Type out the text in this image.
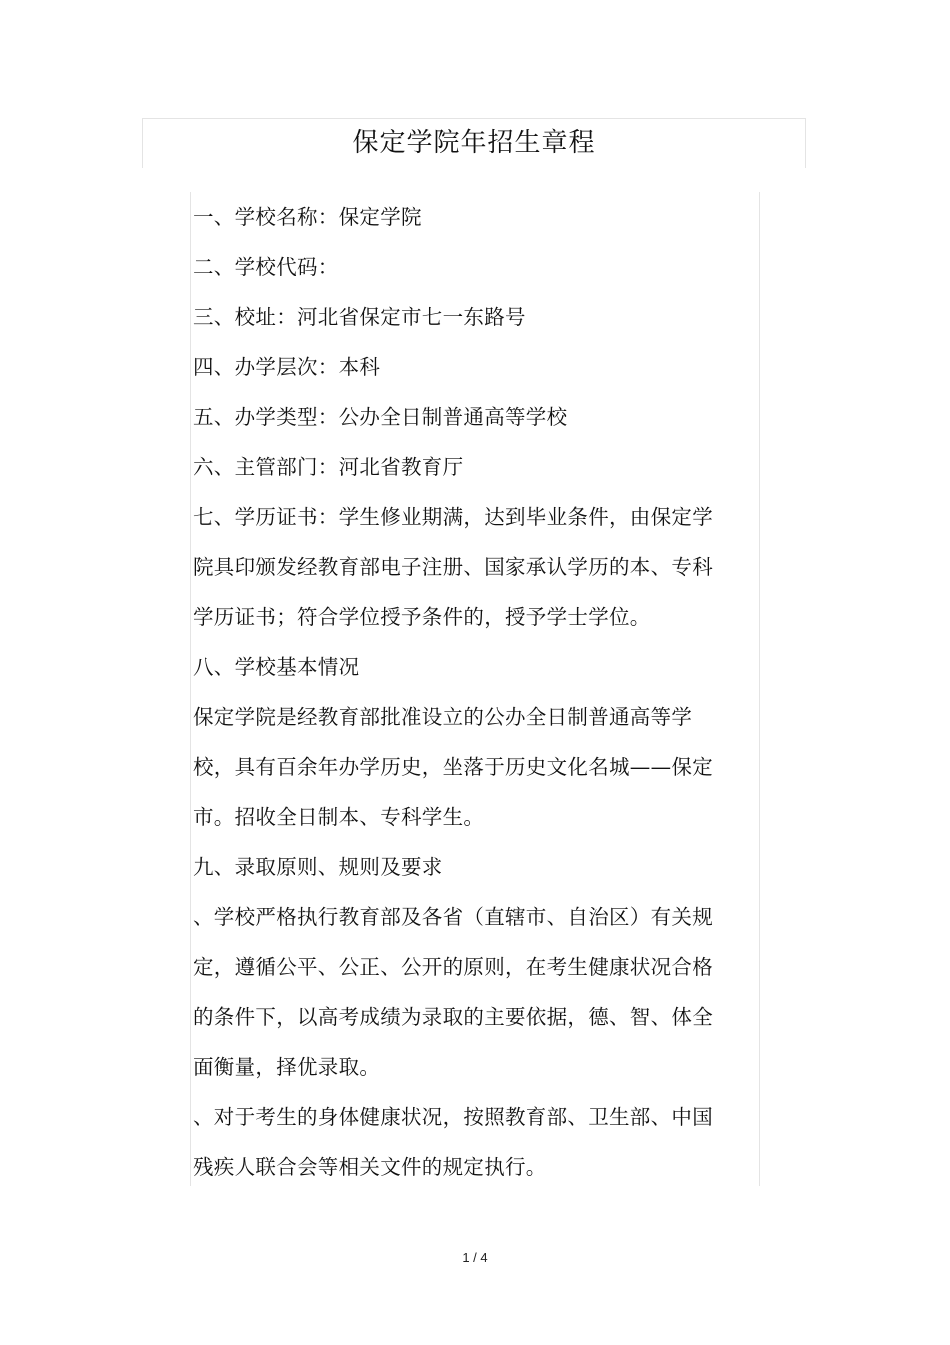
保定学院年招生章程
一、学校名称：保定学院
二、学校代码：
三、校址：河北省保定市七一东路号
四、办学层次：本科
五、办学类型：公办全日制普通高等学校
六、主管部门：河北省教育厅
七、学历证书：学生修业期满，达到毕业条件，由保定学
院具印颁发经教育部电子注册、国家承认学历的本、专科
学历证书；符合学位授予条件的，授予学士学位。
八、学校基本情况
保定学院是经教育部批准设立的公办全日制普通高等学
校，具有百余年办学历史，坐落于历史文化名城——保定
市。招收全日制本、专科学生。
九、录取原则、规则及要求
、学校严格执行教育部及各省（直辖市、自治区）有关规
定，遵循公平、公正、公开的原则，在考生健康状况合格
的条件下，以高考成绩为录取的主要依据，德、智、体全
面衡量，择优录取。
、对于考生的身体健康状况，按照教育部、卫生部、中国
残疾人联合会等相关文件的规定执行。
1 / 4
